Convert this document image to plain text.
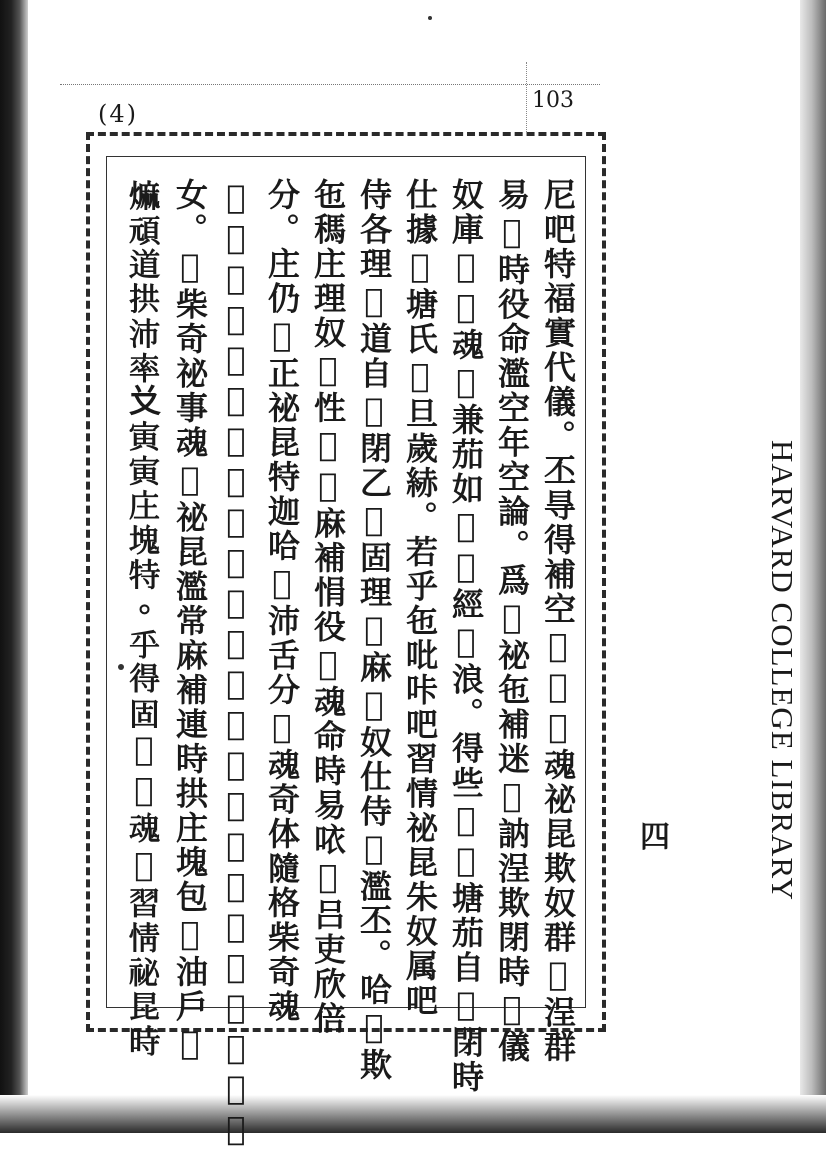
(4)	103
尼吧特福實代儀。丕㝵得補空𡲈𦝄𩵜魂祕昆欺奴群𦴆浧群
易𢯏時役命濫空年空論。爲𠸜祕㐌補迷𫜵訥浧欺閉時𠬠儀
奴庫𢯝𩵜魂𦓡兼茄如𠯇𦓿經𢹇浪。得些𣺺𢜝塘茄自𢜠閉時
仕據𨁪塘氏𧵑旦歲𦀗。若乎㐌吡咔吧習情祕昆朱奴属吧
侍各理𦓿道自𢜠閉乙𦓡固理𡍚麻𠱤奴仕侍𧵑濫丕。哈𦓡欺
㐌𥡗庄理奴𨁪性𣹓𩌂麻補悁役𩵜魂命時易𠲖𠽄吕吏欣倍
分。庄仍𦓡正祕昆特迦哈𦓡沛舌分𩵜魂奇体隨格柴奇魂
𦝄奴欺群𠀲歲𢆥吏事道𦓿本處迅細哈𦓡沙率拱在没事氏
女。𡗶柴奇祕事魂𦝄祕昆濫常麻補連時拱庄塊包𢿰油戶𤈼
𤎎頑道拱沛率𠬠寅寅庄塊特。乎得固𢘝𢜝魂𦝄習情祕昆時	HARVARD COLLEGE LIBRARY
四
